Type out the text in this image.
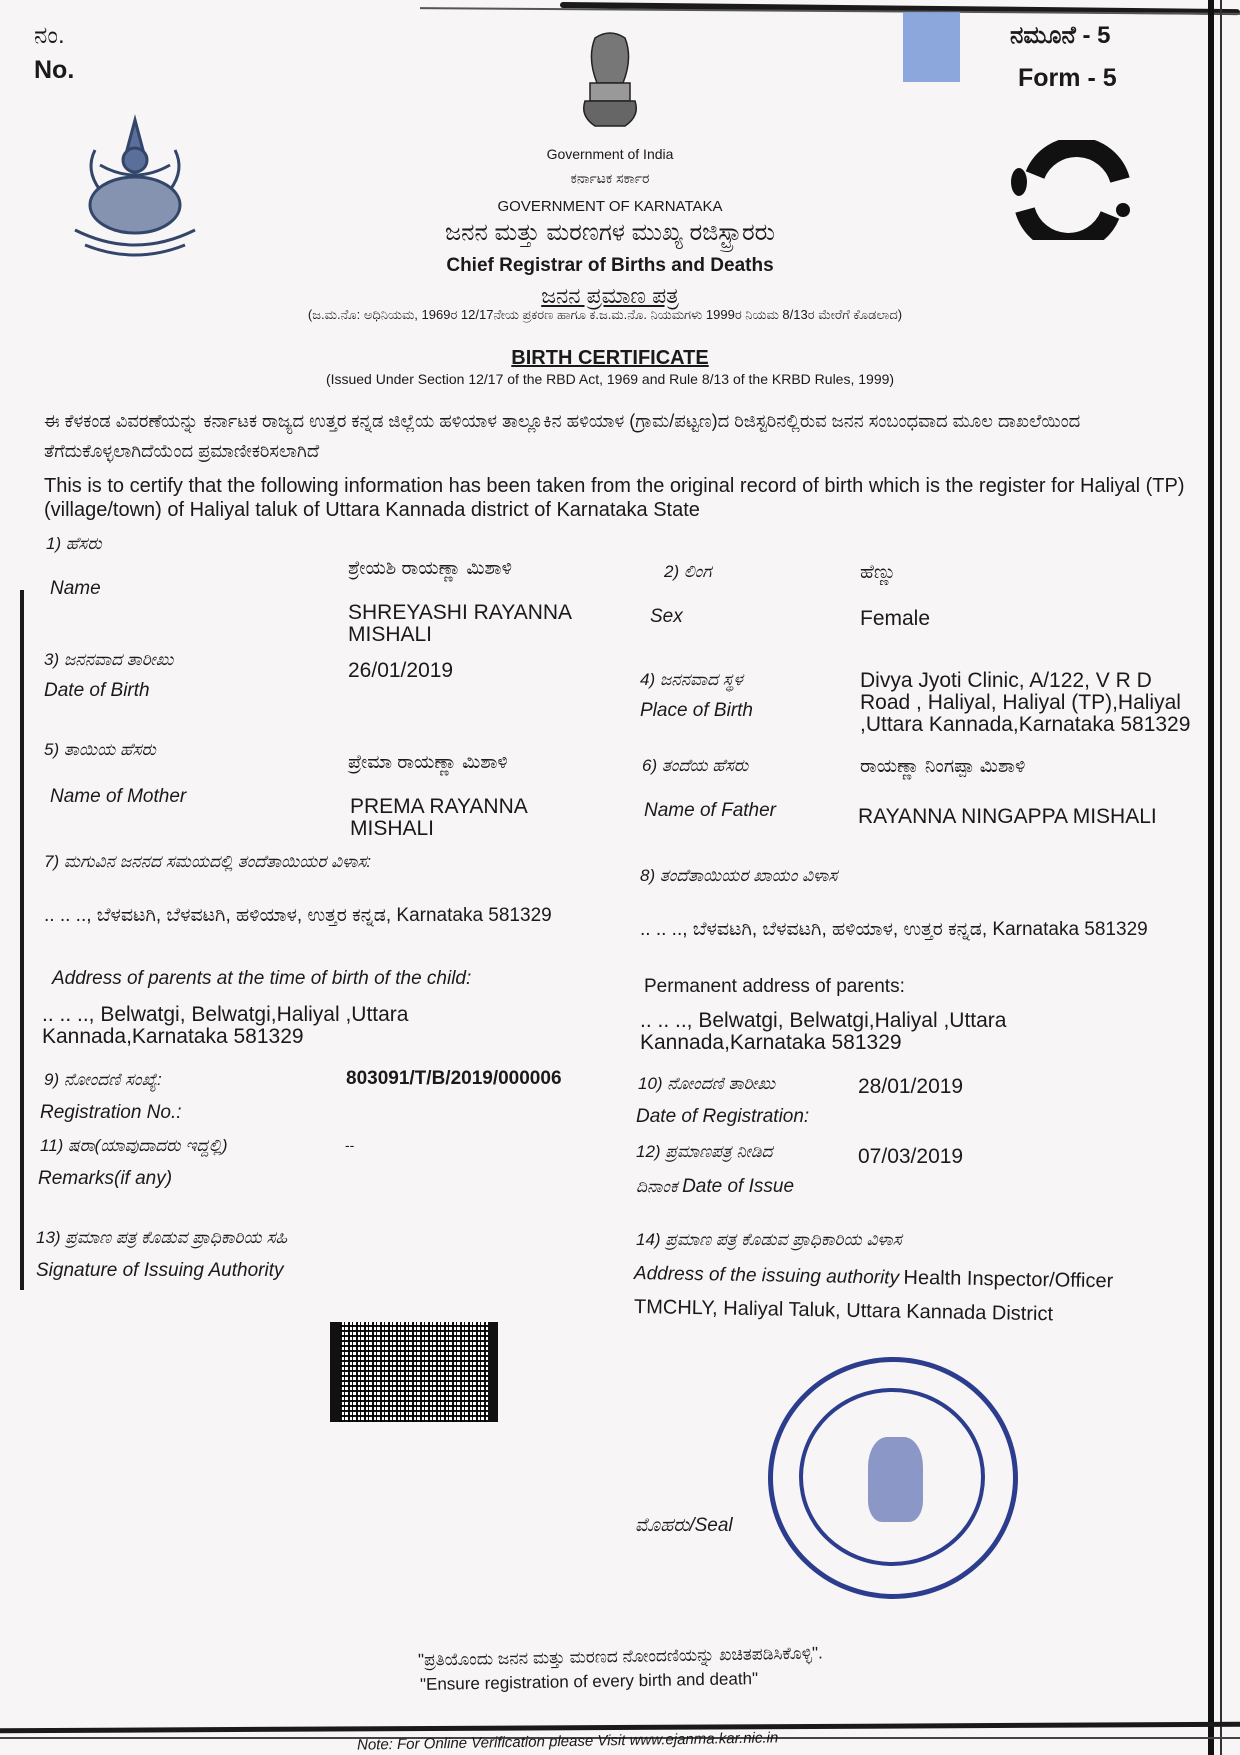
ನಂ.
No.
ನಮೂನೆ - 5
Form - 5
Government of India
ಕರ್ನಾಟಕ ಸರ್ಕಾರ
GOVERNMENT OF KARNATAKA
ಜನನ ಮತ್ತು ಮರಣಗಳ ಮುಖ್ಯ ರಜಿಸ್ಟ್ರಾರರು
Chief Registrar of Births and Deaths
ಜನನ ಪ್ರಮಾಣ ಪತ್ರ
(ಜ.ಮ.ನೊ: ಅಧಿನಿಯಮ, 1969ರ 12/17ನೇಯ ಪ್ರಕರಣ ಹಾಗೂ ಕ.ಜ.ಮ.ನೊ. ನಿಯಮಗಳು 1999ರ ನಿಯಮ 8/13ರ ಮೇರೆಗೆ ಕೊಡಲಾದ)
BIRTH CERTIFICATE
(Issued Under Section 12/17 of the RBD Act, 1969 and Rule 8/13 of the KRBD Rules, 1999)
ಈ ಕೆಳಕಂಡ ವಿವರಣೆಯನ್ನು ಕರ್ನಾಟಕ ರಾಜ್ಯದ ಉತ್ತರ ಕನ್ನಡ ಜಿಲ್ಲೆಯ ಹಳಿಯಾಳ ತಾಲ್ಲೂಕಿನ ಹಳಿಯಾಳ (ಗ್ರಾಮ/ಪಟ್ಟಣ)ದ ರಿಜಿಸ್ಟರಿನಲ್ಲಿರುವ ಜನನ ಸಂಬಂಧವಾದ ಮೂಲ ದಾಖಲೆಯಿಂದ ತೆಗೆದುಕೊಳ್ಳಲಾಗಿದೆಯೆಂದ ಪ್ರಮಾಣೀಕರಿಸಲಾಗಿದೆ
This is to certify that the following information has been taken from the original record of birth which is the register for Haliyal (TP) (village/town) of Haliyal taluk of Uttara Kannada district of Karnataka State
1) ಹೆಸರು
Name
ಶ್ರೇಯಶಿ ರಾಯಣ್ಣಾ ಮಿಶಾಳಿ
SHREYASHI RAYANNA MISHALI
2) ಲಿಂಗ
Sex
ಹೆಣ್ಣು
Female
3) ಜನನವಾದ ತಾರೀಖು
Date of Birth
26/01/2019	4) ಜನನವಾದ ಸ್ಥಳ
Place of Birth
Divya Jyoti Clinic, A/122, V R D Road , Haliyal, Haliyal (TP),Haliyal ,Uttara Kannada,Karnataka 581329
5) ತಾಯಿಯ ಹೆಸರು
Name of Mother
ಪ್ರೇಮಾ ರಾಯಣ್ಣಾ ಮಿಶಾಳಿ
PREMA RAYANNA MISHALI
6) ತಂದೆಯ ಹೆಸರು
Name of Father
ರಾಯಣ್ಣಾ ನಿಂಗಪ್ಪಾ ಮಿಶಾಳಿ
RAYANNA NINGAPPA MISHALI
7) ಮಗುವಿನ ಜನನದ ಸಮಯದಲ್ಲಿ ತಂದೆತಾಯಿಯರ ವಿಳಾಸ:
.. .. .., ಬೆಳವಟಗಿ, ಬೆಳವಟಗಿ, ಹಳಿಯಾಳ, ಉತ್ತರ ಕನ್ನಡ, Karnataka 581329
Address of parents at the time of birth of the child:
.. .. .., Belwatgi, Belwatgi,Haliyal ,Uttara Kannada,Karnataka 581329
8) ತಂದೆತಾಯಿಯರ ಖಾಯಂ ವಿಳಾಸ
.. .. .., ಬೆಳವಟಗಿ, ಬೆಳವಟಗಿ, ಹಳಿಯಾಳ, ಉತ್ತರ ಕನ್ನಡ, Karnataka 581329
Permanent address of parents:
.. .. .., Belwatgi, Belwatgi,Haliyal ,Uttara Kannada,Karnataka 581329
9) ನೋಂದಣಿ ಸಂಖ್ಯೆ:
Registration No.:
803091/T/B/2019/000006	10) ನೋಂದಣಿ ತಾರೀಖು
Date of Registration:
28/01/2019
11) ಷರಾ(ಯಾವುದಾದರು ಇದ್ದಲ್ಲಿ)
Remarks(if any)
--	12) ಪ್ರಮಾಣಪತ್ರ ನೀಡಿದ
ದಿನಾಂಕ Date of Issue
07/03/2019
13) ಪ್ರಮಾಣ ಪತ್ರ ಕೊಡುವ ಪ್ರಾಧಿಕಾರಿಯ ಸಹಿ
Signature of Issuing Authority
14) ಪ್ರಮಾಣ ಪತ್ರ ಕೊಡುವ ಪ್ರಾಧಿಕಾರಿಯ ವಿಳಾಸ
Address of the issuing authority Health Inspector/Officer
TMCHLY, Haliyal Taluk, Uttara Kannada District
ಮೊಹರು/Seal
"ಪ್ರತಿಯೊಂದು ಜನನ ಮತ್ತು ಮರಣದ ನೋಂದಣಿಯನ್ನು ಖಚಿತಪಡಿಸಿಕೊಳ್ಳಿ".
"Ensure registration of every birth and death"
Note: For Online Verification please Visit www.ejanma.kar.nic.in
